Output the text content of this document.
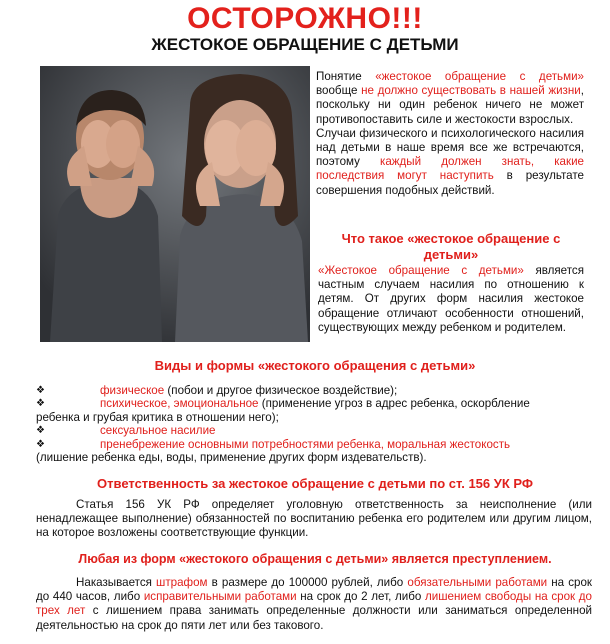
ОСТОРОЖНО!!!
ЖЕСТОКОЕ ОБРАЩЕНИЕ С ДЕТЬМИ
Понятие «жестокое обращение с детьми» вообще не должно существовать в нашей жизни, поскольку ни один ребенок ничего не может противопоставить силе и жестокости взрослых.
Случаи физического и психологического насилия над детьми в наше время все же встречаются, поэтому каждый должен знать, какие последствия могут наступить в результате совершения подобных действий.
Что такое «жестокое обращение с детьми»
«Жестокое обращение с детьми» является частным случаем насилия по отношению к детям. От других форм насилия жестокое обращение отличают особенности отношений, существующих между ребенком и родителем.
Виды и формы «жестокого обращения с детьми»
❖	физическое (побои и другое физическое воздействие);
❖	психическое, эмоциональное (применение угроз в адрес ребенка, оскорбление
ребенка и грубая критика в отношении него);
❖	сексуальное насилие
❖	пренебрежение основными потребностями ребенка, моральная жестокость
(лишение ребенка еды, воды, применение других форм издевательств).
Ответственность за жестокое обращение с детьми по ст. 156 УК РФ
Статья 156 УК РФ определяет уголовную ответственность за неисполнение (или ненадлежащее выполнение) обязанностей по воспитанию ребенка его родителем или другим лицом, на которое возложены соответствующие функции.
Любая из форм «жестокого обращения с детьми» является преступлением.
Наказывается штрафом в размере до 100000 рублей, либо обязательными работами на срок до 440 часов, либо исправительными работами на срок до 2 лет, либо лишением свободы на срок до трех лет с лишением права занимать определенные должности или заниматься определенной деятельностью на срок до пяти лет или без такового.
